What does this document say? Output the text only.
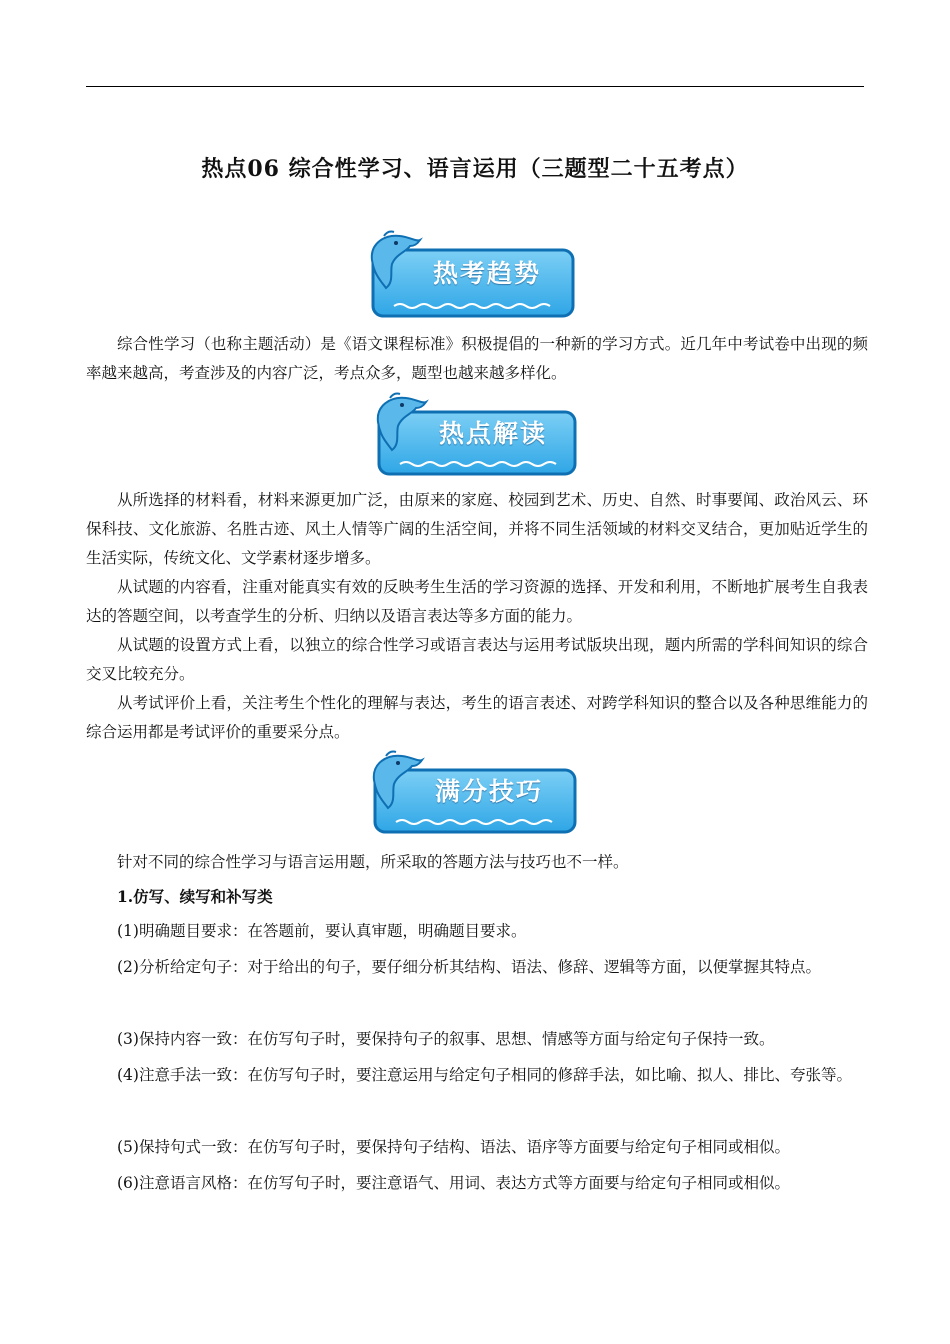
热点06 综合性学习、语言运用（三题型二十五考点）
热考趋势

综合性学习（也称主题活动）是《语文课程标准》积极提倡的一种新的学习方式。近几年中考试卷中出现的频率越来越高，考查涉及的内容广泛，考点众多，题型也越来越多样化。

热点解读

从所选择的材料看，材料来源更加广泛，由原来的家庭、校园到艺术、历史、自然、时事要闻、政治风云、环保科技、文化旅游、名胜古迹、风土人情等广阔的生活空间，并将不同生活领域的材料交叉结合，更加贴近学生的生活实际，传统文化、文学素材逐步增多。

从试题的内容看，注重对能真实有效的反映考生生活的学习资源的选择、开发和利用，不断地扩展考生自我表达的答题空间，以考查学生的分析、归纳以及语言表达等多方面的能力。

从试题的设置方式上看，以独立的综合性学习或语言表达与运用考试版块出现，题内所需的学科间知识的综合交叉比较充分。

从考试评价上看，关注考生个性化的理解与表达，考生的语言表述、对跨学科知识的整合以及各种思维能力的综合运用都是考试评价的重要采分点。

满分技巧

针对不同的综合性学习与语言运用题，所采取的答题方法与技巧也不一样。

1.仿写、续写和补写类

(1)明确题目要求：在答题前，要认真审题，明确题目要求。

(2)分析给定句子：对于给出的句子，要仔细分析其结构、语法、修辞、逻辑等方面，以便掌握其特点。

(3)保持内容一致：在仿写句子时，要保持句子的叙事、思想、情感等方面与给定句子保持一致。

(4)注意手法一致：在仿写句子时，要注意运用与给定句子相同的修辞手法，如比喻、拟人、排比、夸张等。

(5)保持句式一致：在仿写句子时，要保持句子结构、语法、语序等方面要与给定句子相同或相似。

(6)注意语言风格：在仿写句子时，要注意语气、用词、表达方式等方面要与给定句子相同或相似。
